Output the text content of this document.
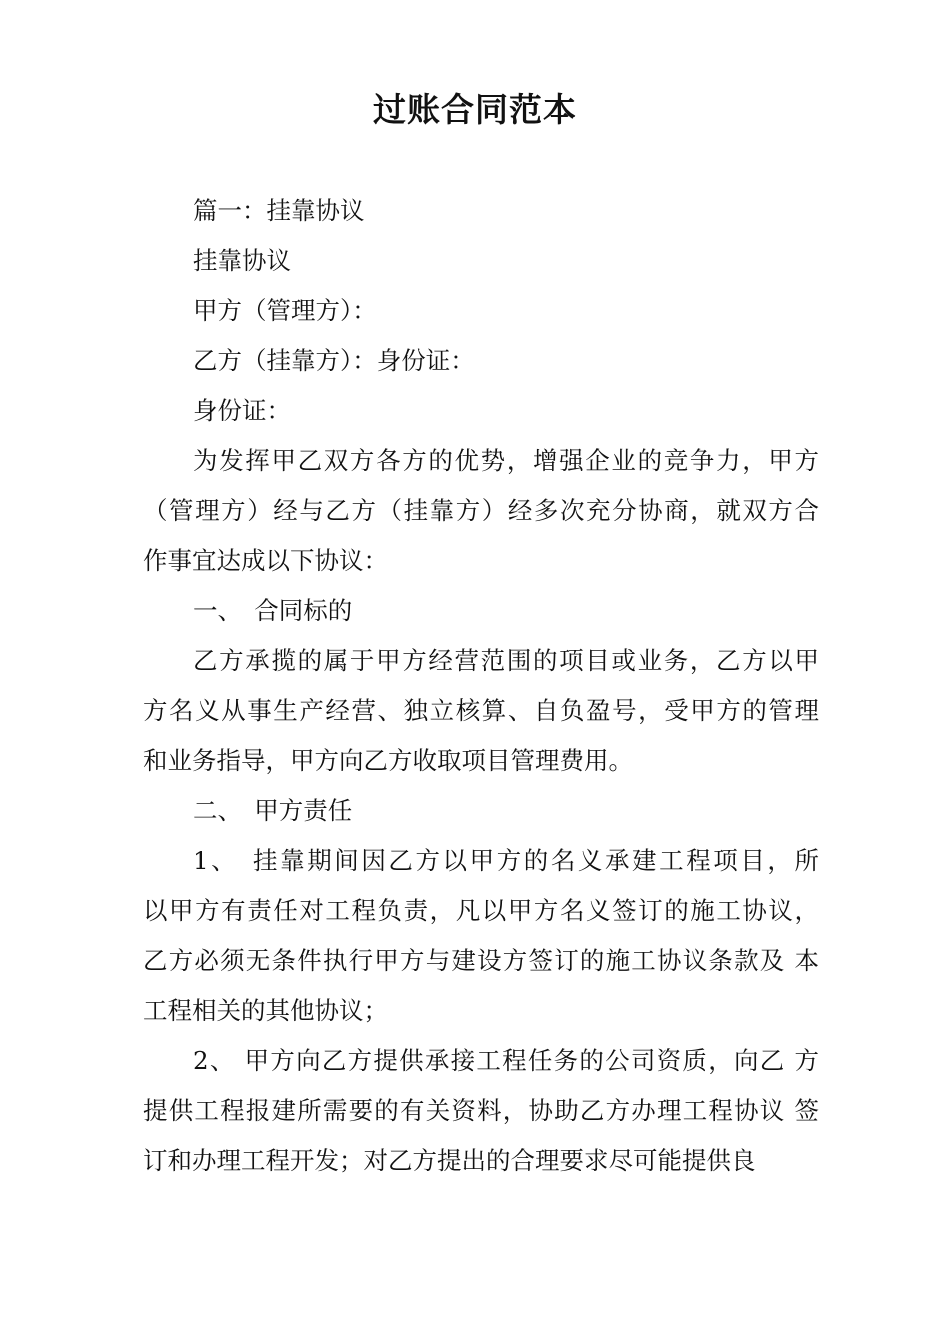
过账合同范本

篇一：挂靠协议

挂靠协议

甲方（管理方）：

乙方（挂靠方）：身份证：

身份证：

为发挥甲乙双方各方的优势，增强企业的竞争力，甲方

（管理方）经与乙方（挂靠方）经多次充分协商，就双方合

作事宜达成以下协议：

一、　合同标的

乙方承揽的属于甲方经营范围的项目或业务，乙方以甲

方名义从事生产经营、独立核算、自负盈号，受甲方的管理

和业务指导，甲方向乙方收取项目管理费用。

二、　甲方责任

1、　挂靠期间因乙方以甲方的名义承建工程项目，所

以甲方有责任对工程负责，凡以甲方名义签订的施工协议，

乙方必须无条件执行甲方与建设方签订的施工协议条款及 本

工程相关的其他协议；

2、 甲方向乙方提供承接工程任务的公司资质，向乙 方

提供工程报建所需要的有关资料，协助乙方办理工程协议 签

订和办理工程开发；对乙方提出的合理要求尽可能提供良
